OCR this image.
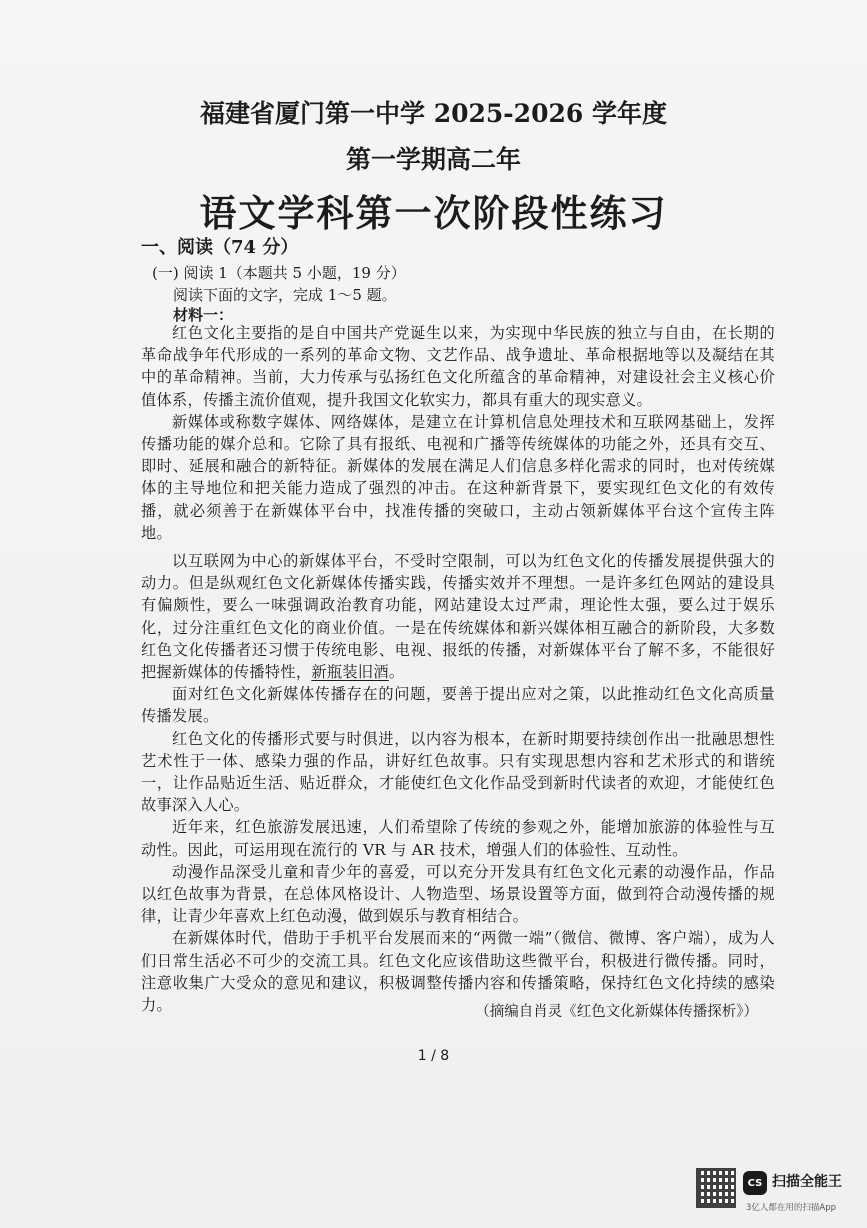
福建省厦门第一中学 2025-2026 学年度
第一学期高二年
语文学科第一次阶段性练习
一、阅读（74 分）
(一) 阅读 1（本题共 5 小题，19 分）
阅读下面的文字，完成 1～5 题。
材料一：

红色文化主要指的是自中国共产党诞生以来，为实现中华民族的独立与自由，在长期的革命战争年代形成的一系列的革命文物、文艺作品、战争遗址、革命根据地等以及凝结在其中的革命精神。当前，大力传承与弘扬红色文化所蕴含的革命精神，对建设社会主义核心价值体系，传播主流价值观，提升我国文化软实力，都具有重大的现实意义。

新媒体或称数字媒体、网络媒体，是建立在计算机信息处理技术和互联网基础上，发挥传播功能的媒介总和。它除了具有报纸、电视和广播等传统媒体的功能之外，还具有交互、即时、延展和融合的新特征。新媒体的发展在满足人们信息多样化需求的同时，也对传统媒体的主导地位和把关能力造成了强烈的冲击。在这种新背景下，要实现红色文化的有效传播，就必须善于在新媒体平台中，找准传播的突破口，主动占领新媒体平台这个宣传主阵地。

以互联网为中心的新媒体平台，不受时空限制，可以为红色文化的传播发展提供强大的动力。但是纵观红色文化新媒体传播实践，传播实效并不理想。一是许多红色网站的建设具有偏颇性，要么一味强调政治教育功能，网站建设太过严肃，理论性太强，要么过于娱乐化，过分注重红色文化的商业价值。一是在传统媒体和新兴媒体相互融合的新阶段，大多数红色文化传播者还习惯于传统电影、电视、报纸的传播，对新媒体平台了解不多，不能很好把握新媒体的传播特性，新瓶装旧酒。

面对红色文化新媒体传播存在的问题，要善于提出应对之策，以此推动红色文化高质量传播发展。

红色文化的传播形式要与时俱进，以内容为根本，在新时期要持续创作出一批融思想性艺术性于一体、感染力强的作品，讲好红色故事。只有实现思想内容和艺术形式的和谐统一，让作品贴近生活、贴近群众，才能使红色文化作品受到新时代读者的欢迎，才能使红色故事深入人心。

近年来，红色旅游发展迅速，人们希望除了传统的参观之外，能增加旅游的体验性与互动性。因此，可运用现在流行的 VR 与 AR 技术，增强人们的体验性、互动性。

动漫作品深受儿童和青少年的喜爱，可以充分开发具有红色文化元素的动漫作品，作品以红色故事为背景，在总体风格设计、人物造型、场景设置等方面，做到符合动漫传播的规律，让青少年喜欢上红色动漫，做到娱乐与教育相结合。

在新媒体时代，借助于手机平台发展而来的“两微一端”（微信、微博、客户端），成为人们日常生活必不可少的交流工具。红色文化应该借助这些微平台，积极进行微传播。同时，注意收集广大受众的意见和建议，积极调整传播内容和传播策略，保持红色文化持续的感染力。	（摘编自肖灵《红色文化新媒体传播探析》）
1 / 8
CS 扫描全能王
3亿人都在用的扫描App
